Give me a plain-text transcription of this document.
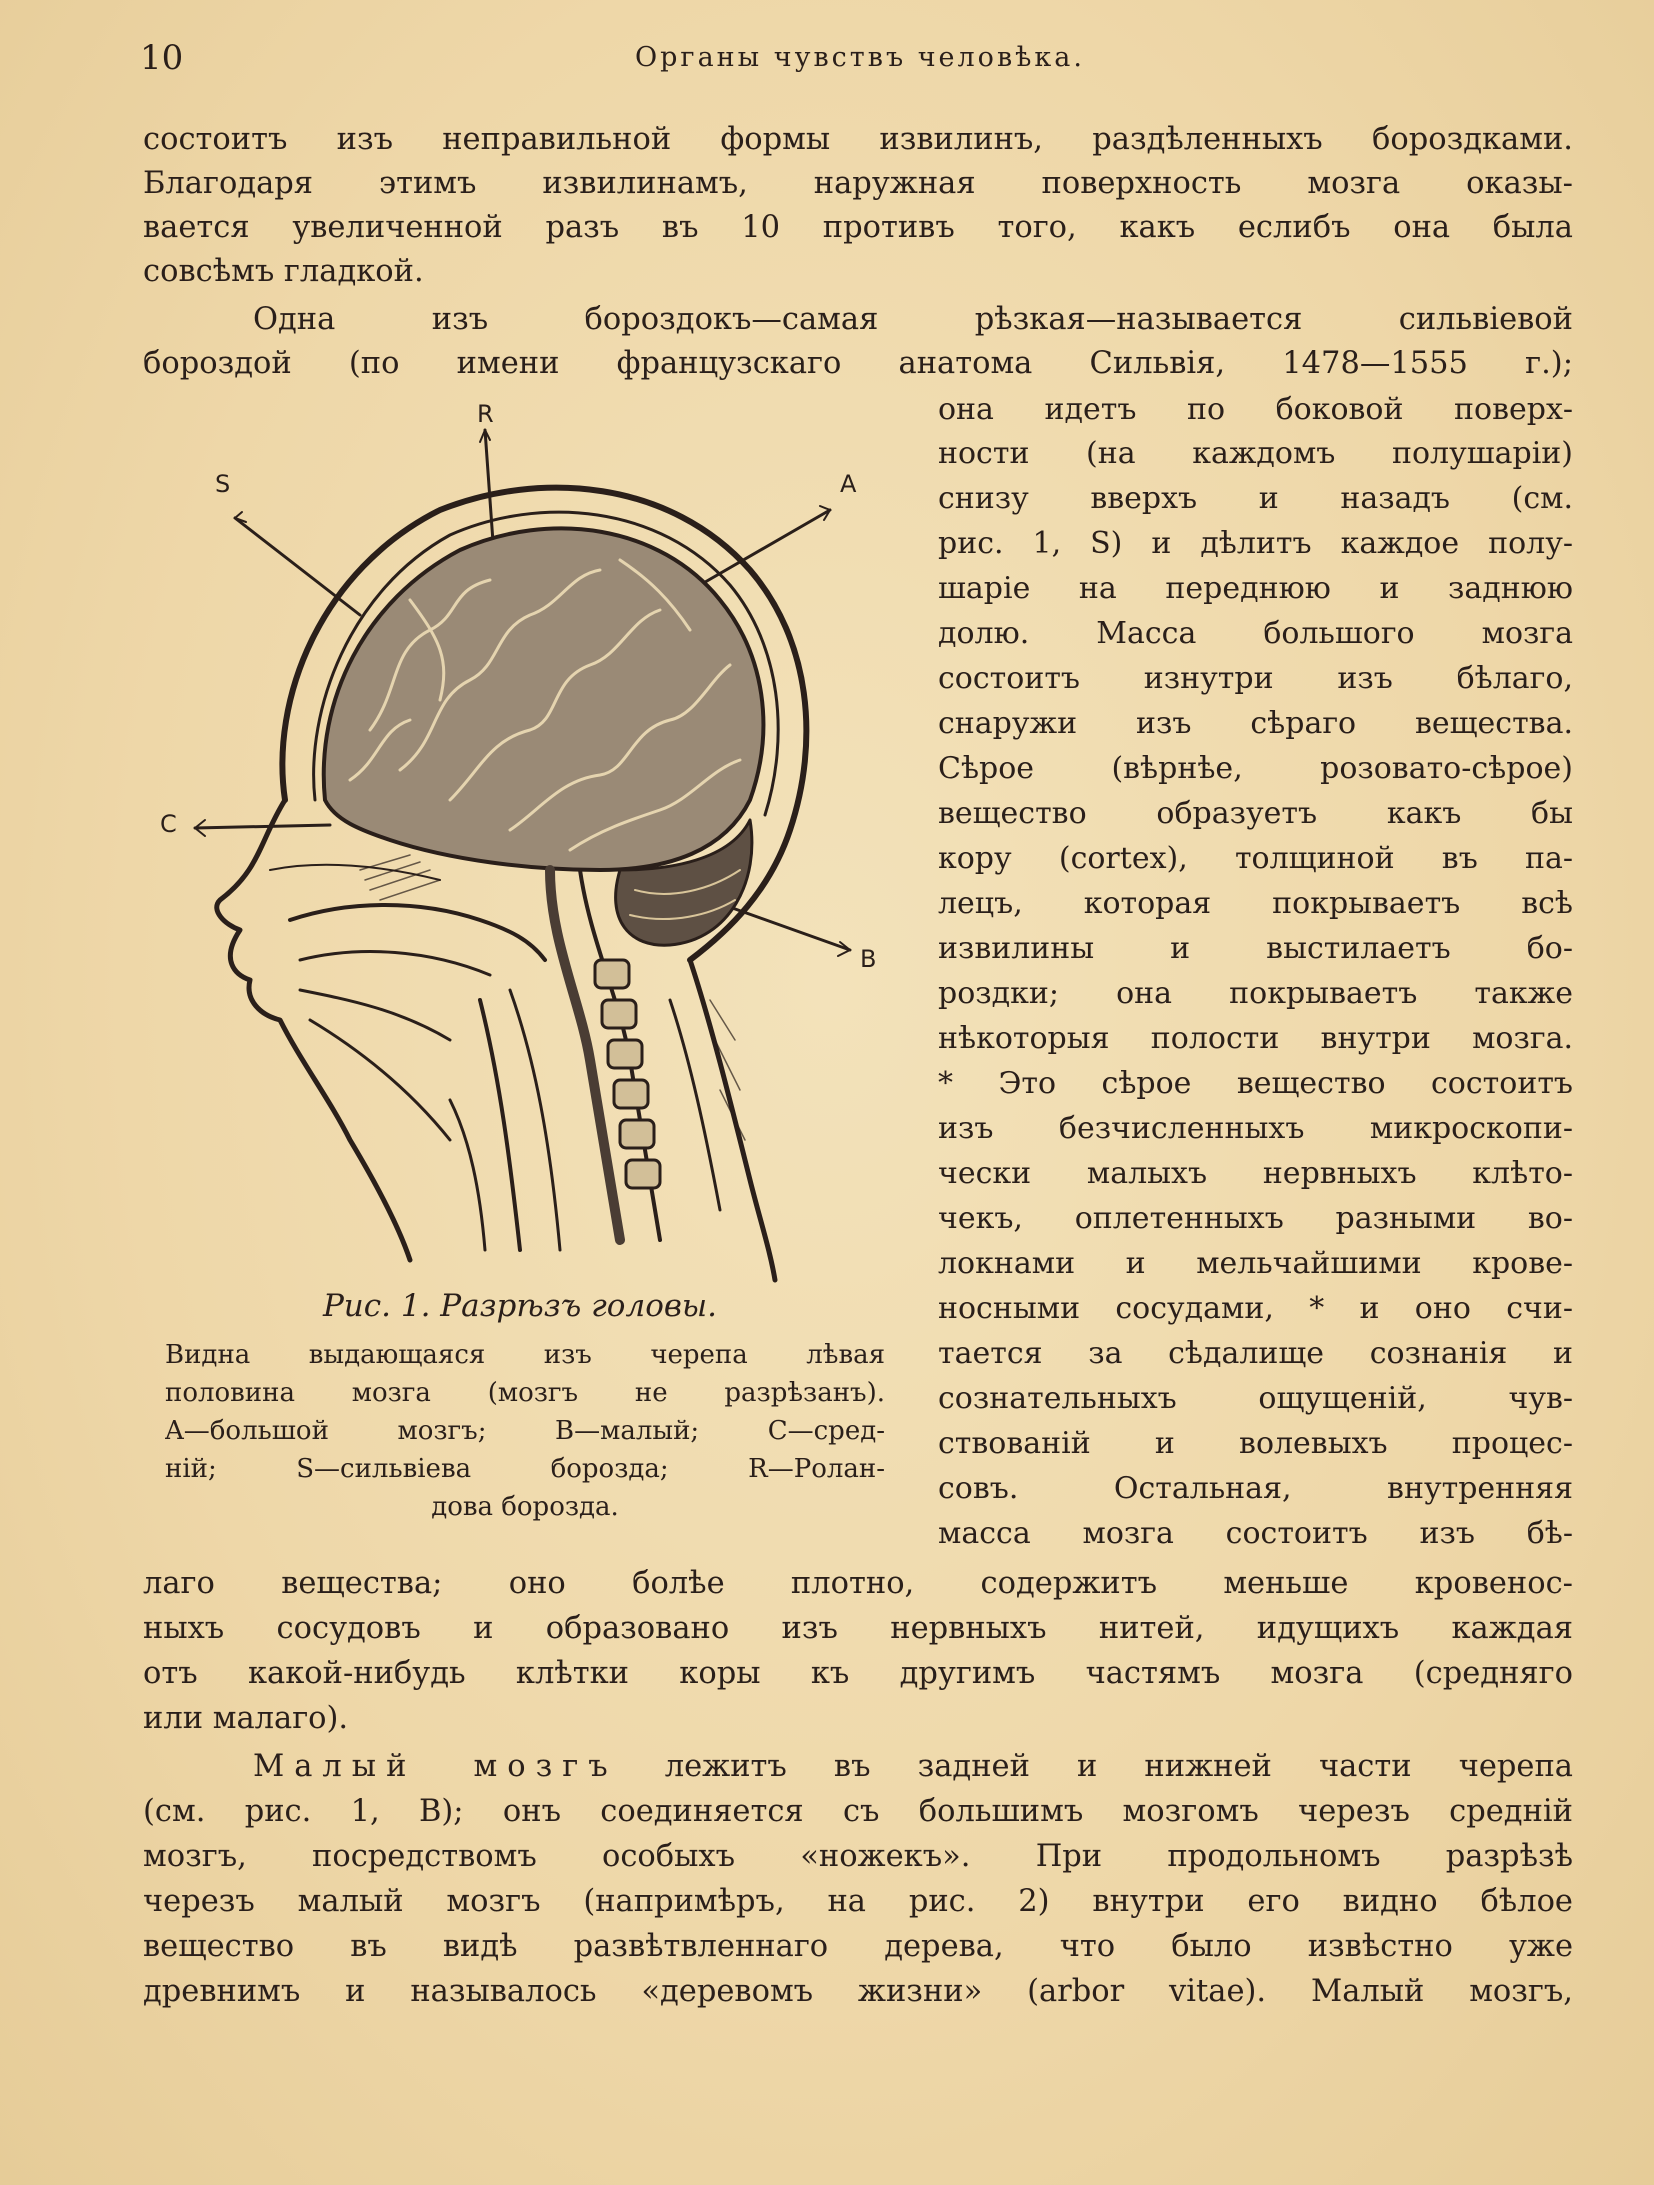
10	Органы чувствъ человѣка.
состоитъ изъ неправильной формы извилинъ, раздѣленныхъ бороздками.
Благодаря этимъ извилинамъ, наружная поверхность мозга оказы-
вается увеличенной разъ въ 10 противъ того, какъ еслибъ она была
совсѣмъ гладкой.
Одна изъ бороздокъ—самая рѣзкая—называется сильвіевой
бороздой (по имени французскаго анатома Сильвія, 1478—1555 г.);
она идетъ по боковой поверх-
ности (на каждомъ полушаріи)
снизу вверхъ и назадъ (см.
рис. 1, S) и дѣлитъ каждое полу-
шаріе на переднюю и заднюю
долю. Масса большого мозга
состоитъ изнутри изъ бѣлаго,
снаружи изъ сѣраго вещества.
Сѣрое (вѣрнѣе, розовато-сѣрое)
вещество образуетъ какъ бы
кору (cortex), толщиной въ па-
лецъ, которая покрываетъ всѣ
извилины и выстилаетъ бо-
роздки; она покрываетъ также
нѣкоторыя полости внутри мозга.
* Это сѣрое вещество состоитъ
изъ безчисленныхъ микроскопи-
чески малыхъ нервныхъ клѣто-
чекъ, оплетенныхъ разными во-
локнами и мельчайшими крове-
носными сосудами, * и оно счи-
тается за сѣдалище сознанія и
сознательныхъ ощущеній, чув-
ствованій и волевыхъ процес-
совъ. Остальная, внутренняя
масса мозга состоитъ изъ бѣ-
S
R
A
C
B
Рис. 1. Разрѣзъ головы.
Видна выдающаяся изъ черепа лѣвая
половина мозга (мозгъ не разрѣзанъ).
A—большой мозгъ; B—малый; C—сред-
ній; S—сильвіева борозда; R—Ролан-
дова борозда.
лаго вещества; оно болѣе плотно, содержитъ меньше кровенос-
ныхъ сосудовъ и образовано изъ нервныхъ нитей, идущихъ каждая
отъ какой-нибудь клѣтки коры къ другимъ частямъ мозга (средняго
или малаго).
Малый мозгъ лежитъ въ задней и нижней части черепа
(см. рис. 1, B); онъ соединяется съ большимъ мозгомъ черезъ средній
мозгъ, посредствомъ особыхъ «ножекъ». При продольномъ разрѣзѣ
черезъ малый мозгъ (напримѣръ, на рис. 2) внутри его видно бѣлое
вещество въ видѣ развѣтвленнаго дерева, что было извѣстно уже
древнимъ и называлось «деревомъ жизни» (arbor vitae). Малый мозгъ,
